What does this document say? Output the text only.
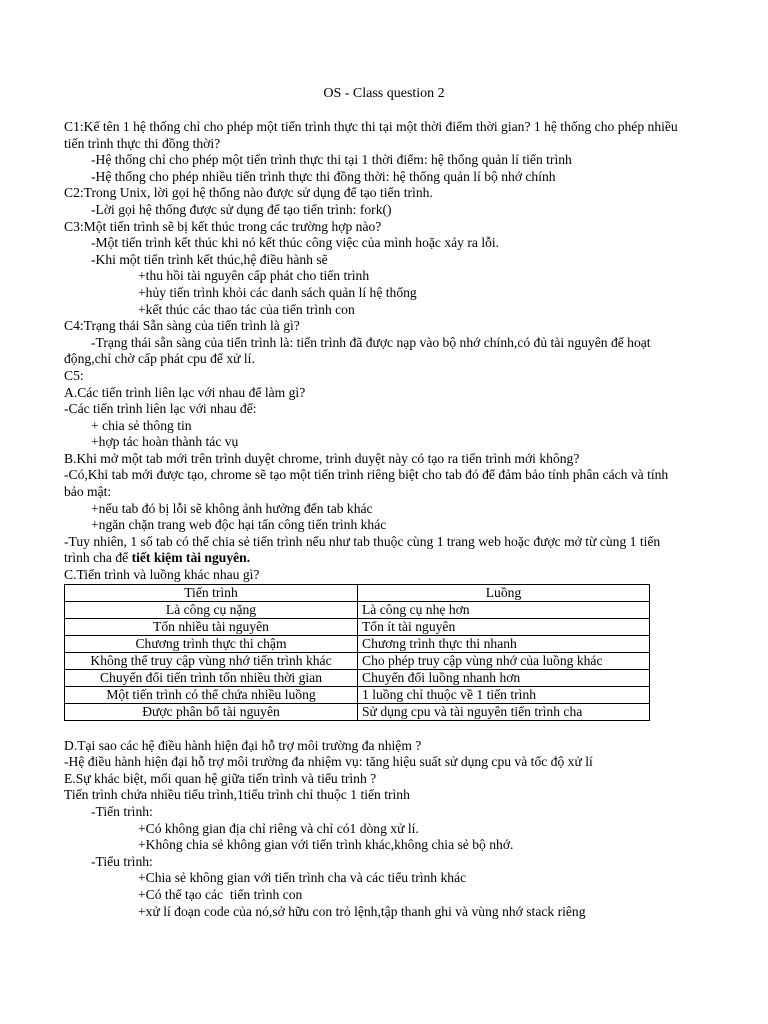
OS - Class question 2

C1:Kể tên 1 hệ thống chỉ cho phép một tiến trình thực thi tại một thời điểm thời gian? 1 hệ thống cho phép nhiều tiến trình thực thi đồng thời?

-Hệ thống chỉ cho phép một tiến trình thực thi tại 1 thời điểm: hệ thống quản lí tiến trình

-Hệ thống cho phép nhiều tiến trình thực thi đồng thời: hệ thống quản lí bộ nhớ chính

C2:Trong Unix, lời gọi hệ thống nào được sử dụng để tạo tiến trình.

-Lời gọi hệ thống được sử dụng để tạo tiến trình: fork()

C3:Một tiến trình sẽ bị kết thúc trong các trường hợp nào?

-Một tiến trình kết thúc khi nó kết thúc công việc của mình hoặc xảy ra lỗi.

-Khi một tiến trình kết thúc,hệ điều hành sẽ

+thu hồi tài nguyên cấp phát cho tiến trình

+hủy tiến trình khỏi các danh sách quản lí hệ thống

+kết thúc các thao tác của tiến trình con

C4:Trạng thái Sẵn sàng của tiến trình là gì?

-Trạng thái sẵn sàng của tiến trình là: tiến trình đã được nạp vào bộ nhớ chính,có đủ tài nguyên để hoạt động,chỉ chờ cấp phát cpu để xử lí.

C5:

A.Các tiến trình liên lạc với nhau để làm gì?

-Các tiến trình liên lạc với nhau để:

+ chia sẻ thông tin

+hợp tác hoàn thành tác vụ

B.Khi mở một tab mới trên trình duyệt chrome, trình duyệt này có tạo ra tiến trình mới không?

-Có,Khi tab mới được tạo, chrome sẽ tạo một tiến trình riêng biệt cho tab đó để đảm bảo tính phân cách và tính bảo mật:

+nếu tab đó bị lỗi sẽ không ảnh hưởng đến tab khác

+ngăn chặn trang web độc hại tấn công tiến trình khác

-Tuy nhiên, 1 số tab có thể chia sẻ tiến trình nếu như tab thuộc cùng 1 trang web hoặc được mở từ cùng 1 tiến trình cha để tiết kiệm tài nguyên.

C.Tiến trình và luồng khác nhau gì?

Tiến trình	Luồng
Là công cụ nặng	Là công cụ nhẹ hơn
Tốn nhiều tài nguyên	Tốn ít tài nguyên
Chương trình thực thi chậm	Chương trình thực thi nhanh
Không thể truy cập vùng nhớ tiến trình khác	Cho phép truy cập vùng nhớ của luồng khác
Chuyển đổi tiến trình tốn nhiều thời gian	Chuyển đổi luồng nhanh hơn
Một tiến trình có thể chứa nhiều luồng	1 luồng chỉ thuộc về 1 tiến trình
Được phân bổ tài nguyên	Sử dụng cpu và tài nguyên tiến trình cha

D.Tại sao các hệ điều hành hiện đại hỗ trợ môi trường đa nhiệm ?

-Hệ điều hành hiện đại hỗ trợ môi trường đa nhiệm vụ: tăng hiệu suất sử dụng cpu và tốc độ xử lí

E.Sự khác biệt, mối quan hệ giữa tiến trình và tiểu trình ?

Tiến trình chứa nhiều tiểu trình,1tiểu trình chỉ thuộc 1 tiến trình

-Tiến trình:

+Có không gian địa chỉ riêng và chỉ có1 dòng xử lí.

+Không chia sẻ không gian với tiến trình khác,không chia sẻ bộ nhớ.

-Tiểu trình:

+Chia sẻ không gian với tiến trình cha và các tiểu trình khác

+Có thể tạo các  tiến trình con

+xử lí đoạn code của nó,sở hữu con trỏ lệnh,tập thanh ghi và vùng nhớ stack riêng
